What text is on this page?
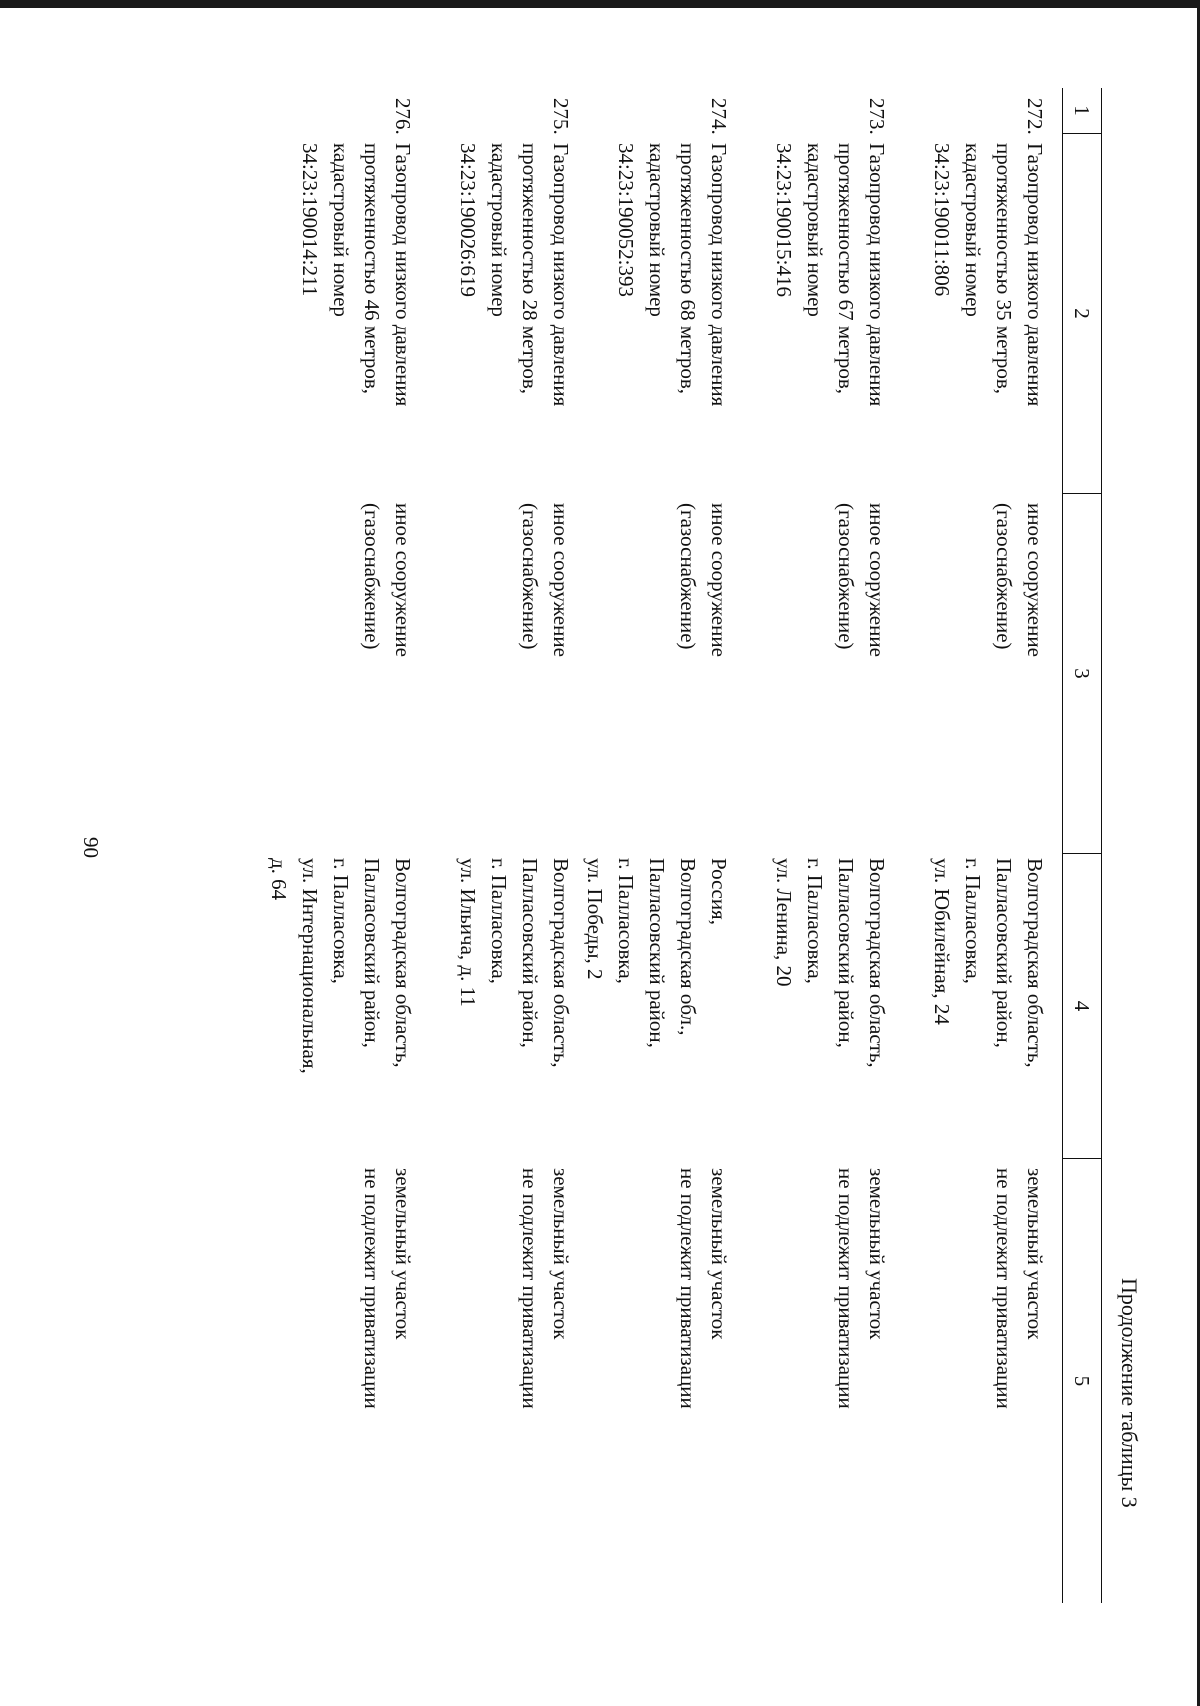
90
Продолжение таблицы 3
1
2
3
4
5
272.
Газопровод низкого давления
протяженностью 35 метров,
кадастровый номер
34:23:190011:806
иное сооружение
(газоснабжение)
Волгоградская область,
Палласовский район,
г. Палласовка,
ул. Юбилейная, 24
земельный участок
не подлежит приватизации
273.
Газопровод низкого давления
протяженностью 67 метров,
кадастровый номер
34:23:190015:416
иное сооружение
(газоснабжение)
Волгоградская область,
Палласовский район,
г. Палласовка,
ул. Ленина, 20
земельный участок
не подлежит приватизации
274.
Газопровод низкого давления
протяженностью 68 метров,
кадастровый номер
34:23:190052:393
иное сооружение
(газоснабжение)
Россия,
Волгоградская обл.,
Палласовский район,
г. Палласовка,
ул. Победы, 2
земельный участок
не подлежит приватизации
275.
Газопровод низкого давления
протяженностью 28 метров,
кадастровый номер
34:23:190026:619
иное сооружение
(газоснабжение)
Волгоградская область,
Палласовский район,
г. Палласовка,
ул. Ильича, д. 11
земельный участок
не подлежит приватизации
276.
Газопровод низкого давления
протяженностью 46 метров,
кадастровый номер
34:23:190014:211
иное сооружение
(газоснабжение)
Волгоградская область,
Палласовский район,
г. Палласовка,
ул. Интернациональная,
д. 64
земельный участок
не подлежит приватизации
